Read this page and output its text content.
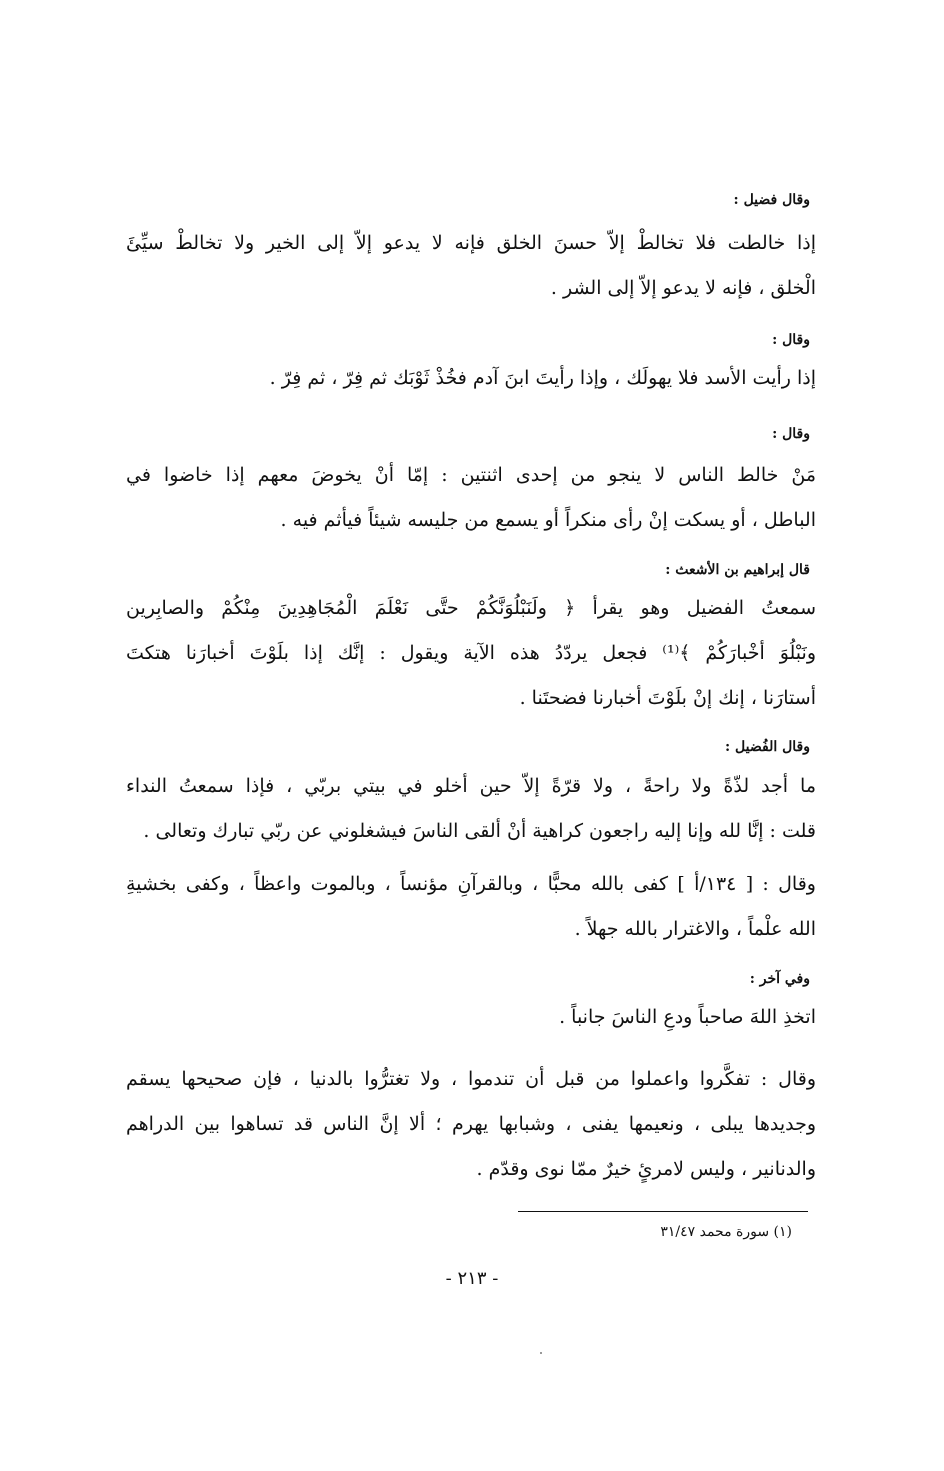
وقال فضيل :
إذا خالطت فلا تخالطْ إلاّ حسنَ الخلق فإنه لا يدعو إلاّ إلى الخير ولا تخالطْ سيِّئَ
الْخلق ، فإنه لا يدعو إلاّ إلى الشر .
وقال :
إذا رأيت الأسد فلا يهولَك ، وإذا رأيتَ ابنَ آدم فخُذْ ثَوْبَك ثم فِرّ ، ثم فِرّ .
وقال :
مَنْ خالط الناس لا ينجو من إحدى اثنتين : إمّا أنْ يخوضَ معهم إذا خاضوا في
الباطل ، أو يسكت إنْ رأى منكراً أو يسمع من جليسه شيئاً فيأثم فيه .
قال إبراهيم بن الأشعث :
سمعتُ الفضيل وهو يقرأ ﴿ ولَنَبْلُوَنَّكُمْ حتَّى نَعْلَمَ الْمُجَاهِدِينَ مِنْكُمْ والصابِرين
ونَبْلُوَ أخْبارَكُمْ ﴾⁽¹⁾ فجعل يردّدُ هذه الآية ويقول : إنَّك إذا بلَوْتَ أخبارَنا هتكتَ
أستارَنا ، إنك إنْ بلَوْتَ أخبارنا فضحتَنا .
وقال الفُضيل :
ما أجد لذّةً ولا راحةً ، ولا قرّةً إلاّ حين أخلو في بيتي بربّي ، فإذا سمعتُ النداء
قلت : إنَّا لله وإنا إليه راجعون كراهية أنْ ألقى الناسَ فيشغلوني عن ربّي تبارك وتعالى .
وقال : [ ١٣٤/أ ] كفى بالله محبًّا ، وبالقرآنِ مؤنساً ، وبالموت واعظاً ، وكفى بخشيةِ
الله علْماً ، والاغترار بالله جهلاً .
وفي آخر :
اتخذِ اللهَ صاحباً ودعِ الناسَ جانباً .
وقال : تفكَّروا واعملوا من قبل أن تندموا ، ولا تغترُّوا بالدنيا ، فإن صحيحها يسقم
وجديدها يبلى ، ونعيمها يفنى ، وشبابها يهرم ؛ ألا إنَّ الناس قد تساهوا بين الدراهم
والدنانير ، وليس لامرئٍ خيرٌ ممّا نوى وقدّم .
(١) سورة محمد ٣١/٤٧
- ٢١٣ -
